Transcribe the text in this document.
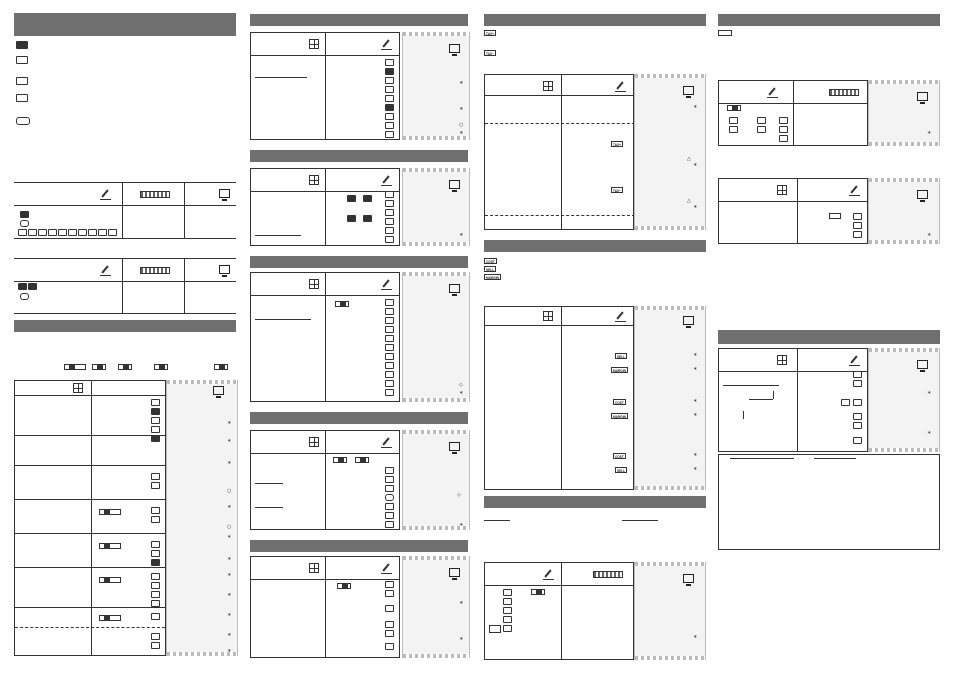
∗
∗
∗
○
∗
○
∗
∗
∗
∗
∗
∗
∗
∗
∗
○
∗
∗
◇
∗
◇
∗
∗
∗
TAX+
TAX−
TAX+
TAX−
∗
△
∗
△
∗
COST
SELL
MARGIN
SELL
MARGIN
COST
MARGIN
COST
SELL
∗
∗
∗
∗
∗
∗
∗
∗
∗
∗
∗
